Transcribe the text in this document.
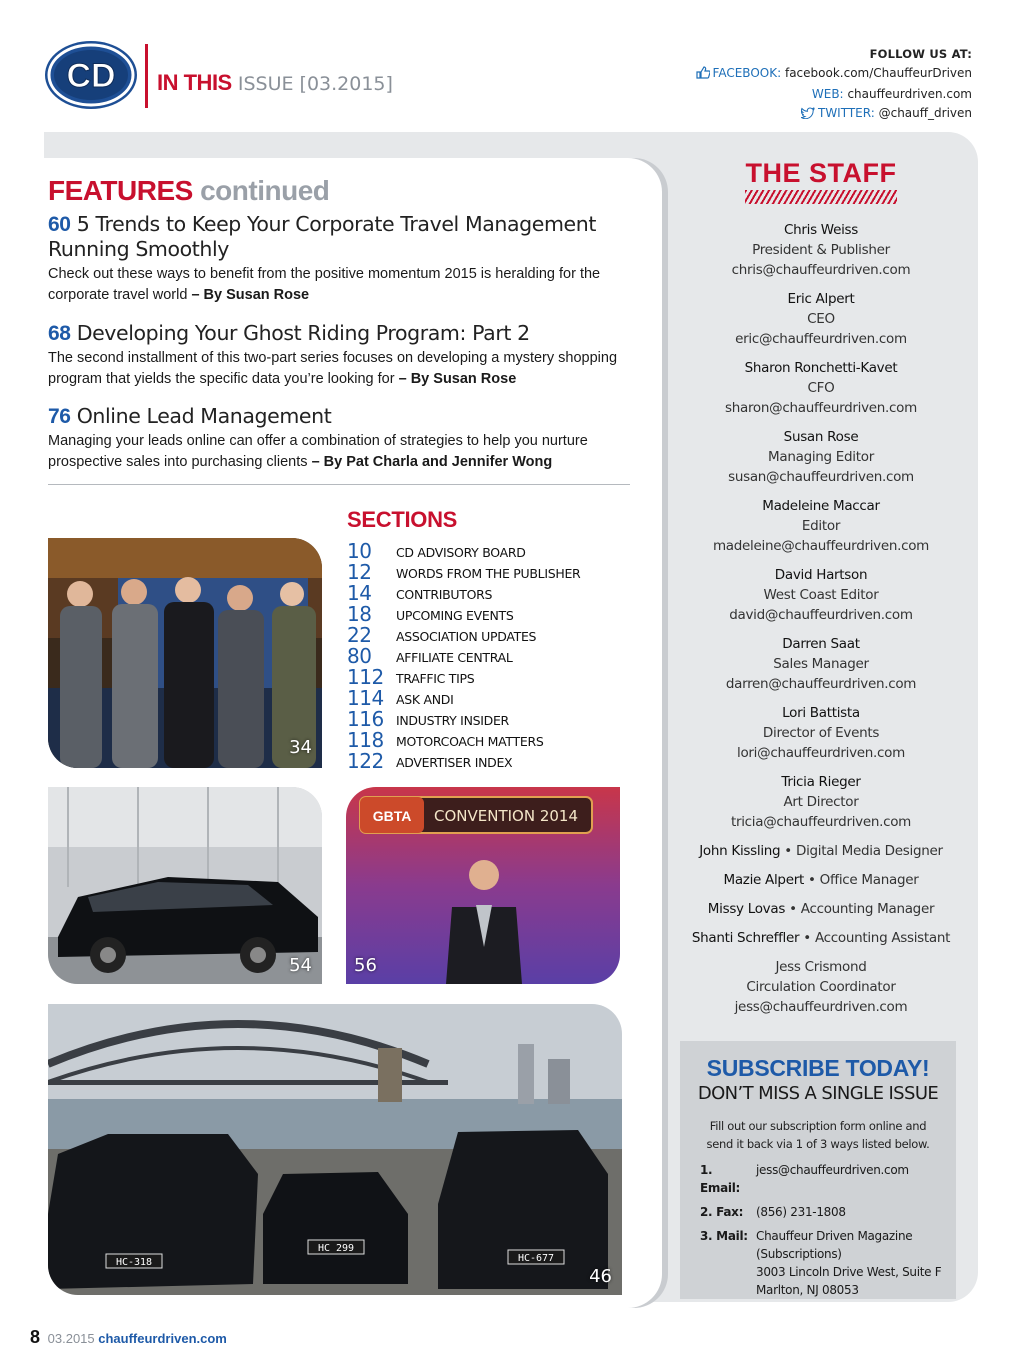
CD IN THIS ISSUE [03.2015]
FOLLOW US AT:
FACEBOOK: facebook.com/ChauffeurDriven
WEB: chauffeurdriven.com
TWITTER: @chauff_driven
FEATURES continued
60 5 Trends to Keep Your Corporate Travel Management Running Smoothly
Check out these ways to benefit from the positive momentum 2015 is heralding for the corporate travel world – By Susan Rose
68 Developing Your Ghost Riding Program: Part 2
The second installment of this two-part series focuses on developing a mystery shopping program that yields the specific data you’re looking for – By Susan Rose
76 Online Lead Management
Managing your leads online can offer a combination of strategies to help you nurture prospective sales into purchasing clients – By Pat Charla and Jennifer Wong
SECTIONS
10	CD ADVISORY BOARD
12	WORDS FROM THE PUBLISHER
14	CONTRIBUTORS
18	UPCOMING EVENTS
22	ASSOCIATION UPDATES
80	AFFILIATE CENTRAL
112 TRAFFIC TIPS
114 ASK ANDI
116 INDUSTRY INSIDER
118 MOTORCOACH MATTERS
122 ADVERTISER INDEX
34
54
GBTA CONVENTION 2014
56
HC-318
HC 299
HC-677
46
THE STAFF
Chris Weiss
President & Publisher
chris@chauffeurdriven.com
Eric Alpert
CEO
eric@chauffeurdriven.com
Sharon Ronchetti-Kavet
CFO
sharon@chauffeurdriven.com
Susan Rose
Managing Editor
susan@chauffeurdriven.com
Madeleine Maccar
Editor
madeleine@chauffeurdriven.com
David Hartson
West Coast Editor
david@chauffeurdriven.com
Darren Saat
Sales Manager
darren@chauffeurdriven.com
Lori Battista
Director of Events
lori@chauffeurdriven.com
Tricia Rieger
Art Director
tricia@chauffeurdriven.com
John Kissling • Digital Media Designer
Mazie Alpert • Office Manager
Missy Lovas • Accounting Manager
Shanti Schreffler • Accounting Assistant
Jess Crismond
Circulation Coordinator
jess@chauffeurdriven.com
SUBSCRIBE TODAY!
DON’T MISS A SINGLE ISSUE
Fill out our subscription form online and send it back via 1 of 3 ways listed below.
1. Email:
jess@chauffeurdriven.com
2. Fax:	(856) 231-1808
3. Mail: Chauffeur Driven Magazine
(Subscriptions)
3003 Lincoln Drive West, Suite F
Marlton, NJ 08053
8 03.2015 chauffeurdriven.com
